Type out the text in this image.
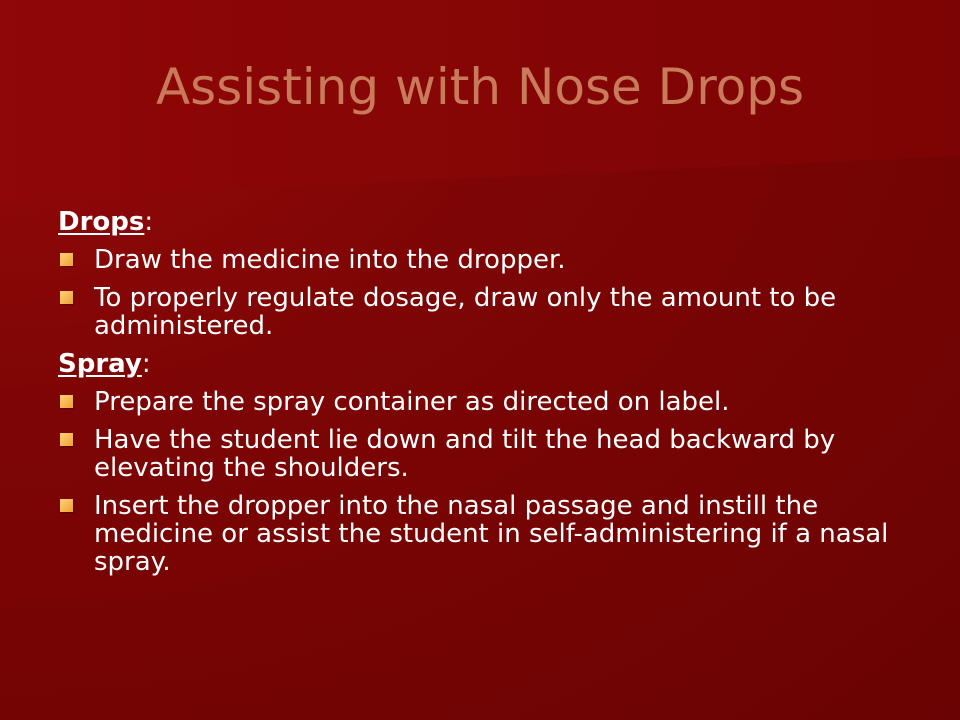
Assisting with Nose Drops
Drops:
Draw the medicine into the dropper.
To properly regulate dosage, draw only the amount to be administered.
Spray:
Prepare the spray container as directed on label.
Have the student lie down and tilt the head backward by elevating the shoulders.
Insert the dropper into the nasal passage and instill the medicine or assist the student in self-administering if a nasal spray.
